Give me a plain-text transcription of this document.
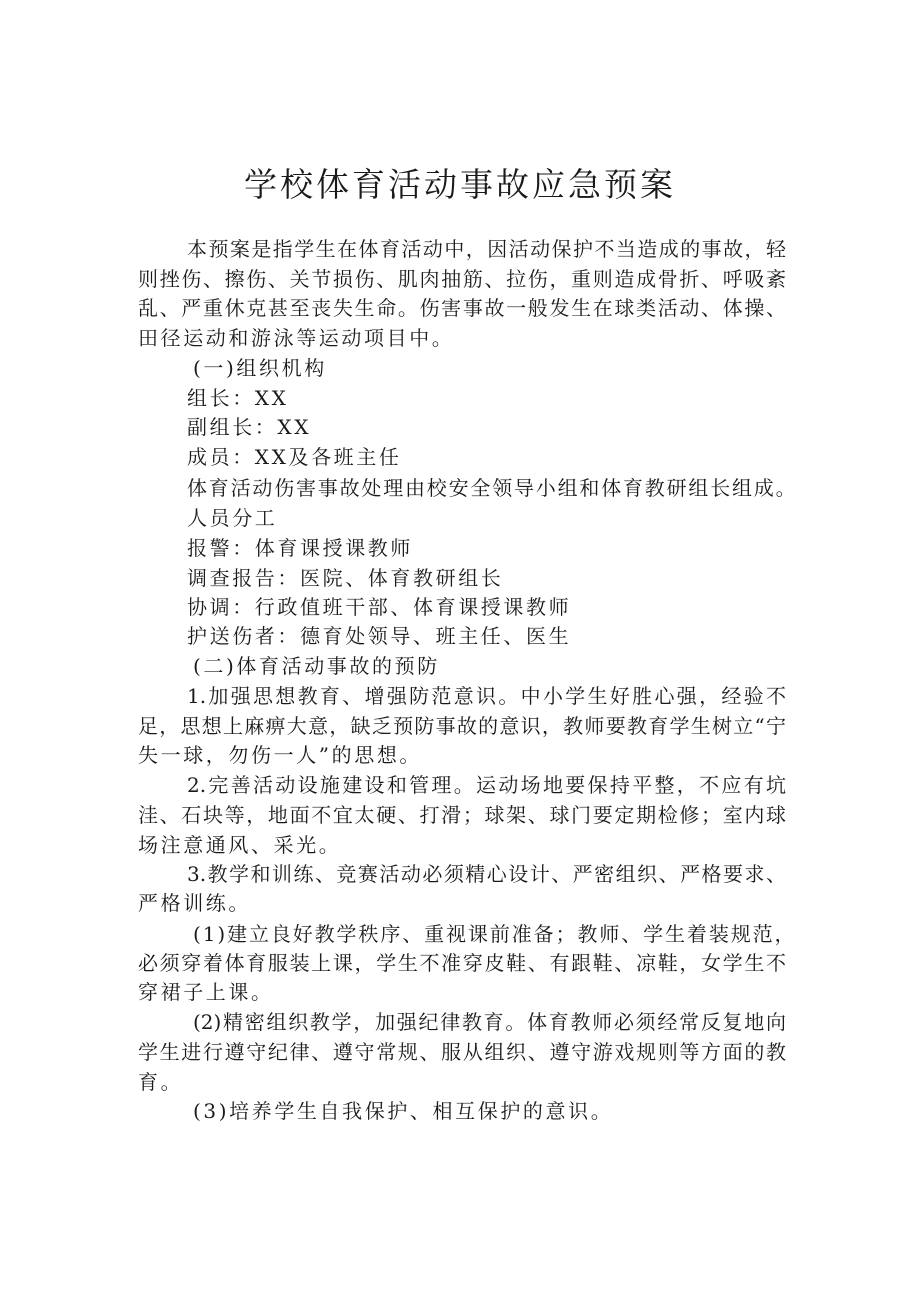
学校体育活动事故应急预案
本预案是指学生在体育活动中，因活动保护不当造成的事故，轻
则挫伤、擦伤、关节损伤、肌肉抽筋、拉伤，重则造成骨折、呼吸紊
乱、严重休克甚至丧失生命。伤害事故一般发生在球类活动、体操、
田径运动和游泳等运动项目中。
(一)组织机构
组长：XX
副组长：XX
成员：XX及各班主任
体育活动伤害事故处理由校安全领导小组和体育教研组长组成。
人员分工
报警：体育课授课教师
调查报告：医院、体育教研组长
协调：行政值班干部、体育课授课教师
护送伤者：德育处领导、班主任、医生
(二)体育活动事故的预防
1.加强思想教育、增强防范意识。中小学生好胜心强，经验不
足，思想上麻痹大意，缺乏预防事故的意识，教师要教育学生树立“宁
失一球，勿伤一人”的思想。
2.完善活动设施建设和管理。运动场地要保持平整，不应有坑
洼、石块等，地面不宜太硬、打滑；球架、球门要定期检修；室内球
场注意通风、采光。
3.教学和训练、竞赛活动必须精心设计、严密组织、严格要求、
严格训练。
(1)建立良好教学秩序、重视课前准备；教师、学生着装规范，
必须穿着体育服装上课，学生不准穿皮鞋、有跟鞋、凉鞋，女学生不
穿裙子上课。
(2)精密组织教学，加强纪律教育。体育教师必须经常反复地向
学生进行遵守纪律、遵守常规、服从组织、遵守游戏规则等方面的教
育。
(3)培养学生自我保护、相互保护的意识。
